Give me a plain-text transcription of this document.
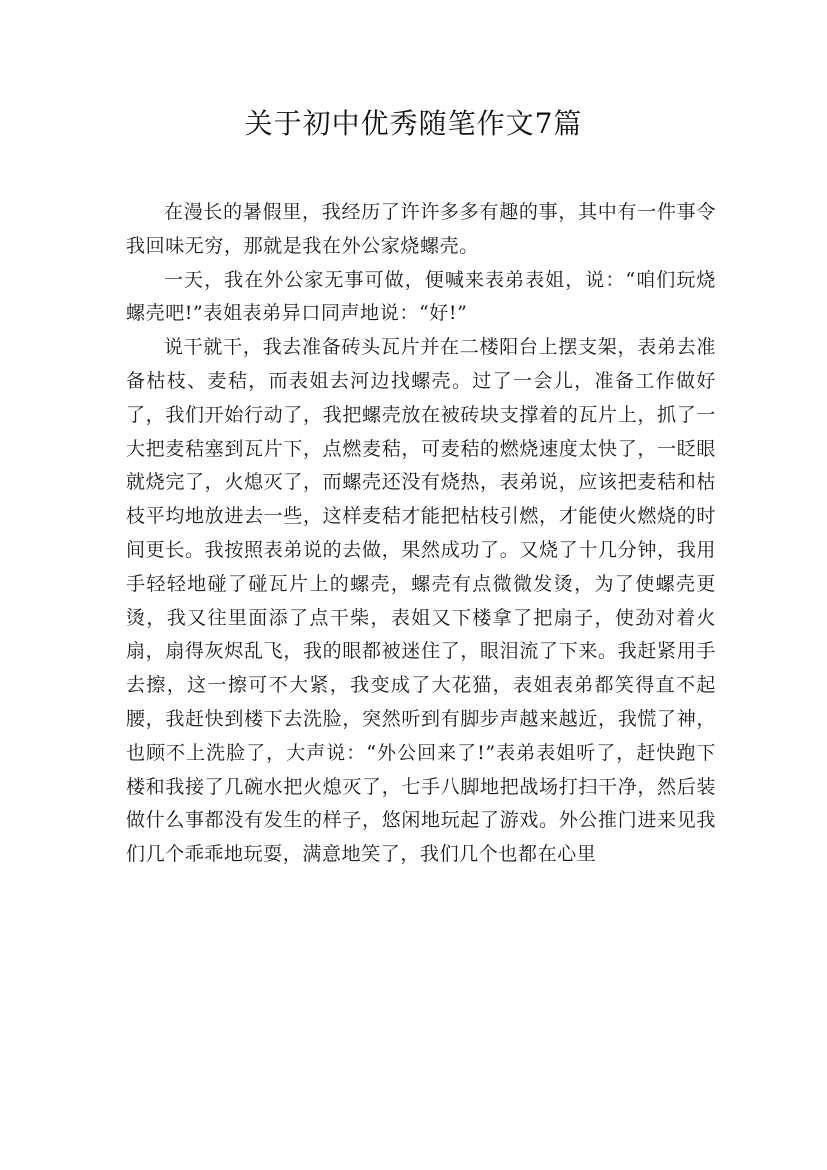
关于初中优秀随笔作文7篇

在漫长的暑假里，我经历了许许多多有趣的事，其中有一件事令我回味无穷，那就是我在外公家烧螺壳。

一天，我在外公家无事可做，便喊来表弟表姐，说：“咱们玩烧螺壳吧!”表姐表弟异口同声地说：“好!”

说干就干，我去准备砖头瓦片并在二楼阳台上摆支架，表弟去准备枯枝、麦秸，而表姐去河边找螺壳。过了一会儿，准备工作做好了，我们开始行动了，我把螺壳放在被砖块支撑着的瓦片上，抓了一大把麦秸塞到瓦片下，点燃麦秸，可麦秸的燃烧速度太快了，一眨眼就烧完了，火熄灭了，而螺壳还没有烧热，表弟说，应该把麦秸和枯枝平均地放进去一些，这样麦秸才能把枯枝引燃，才能使火燃烧的时间更长。我按照表弟说的去做，果然成功了。又烧了十几分钟，我用手轻轻地碰了碰瓦片上的螺壳，螺壳有点微微发烫，为了使螺壳更烫，我又往里面添了点干柴，表姐又下楼拿了把扇子，使劲对着火扇，扇得灰烬乱飞，我的眼都被迷住了，眼泪流了下来。我赶紧用手去擦，这一擦可不大紧，我变成了大花猫，表姐表弟都笑得直不起腰，我赶快到楼下去洗脸，突然听到有脚步声越来越近，我慌了神，也顾不上洗脸了，大声说：“外公回来了!”表弟表姐听了，赶快跑下楼和我接了几碗水把火熄灭了，七手八脚地把战场打扫干净，然后装做什么事都没有发生的样子，悠闲地玩起了游戏。外公推门进来见我们几个乖乖地玩耍，满意地笑了，我们几个也都在心里
